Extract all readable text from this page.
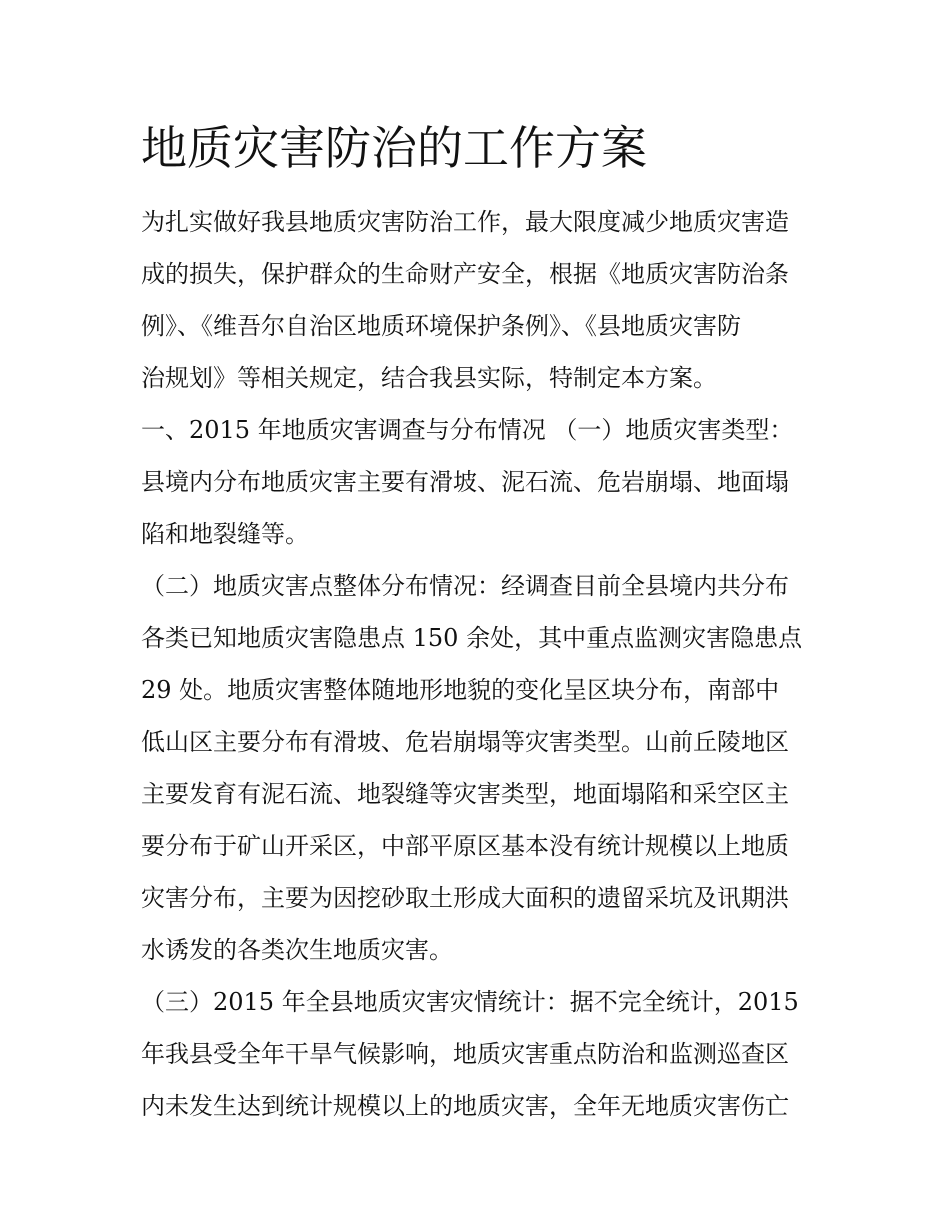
地质灾害防治的工作方案
为扎实做好我县地质灾害防治工作，最大限度减少地质灾害造
成的损失，保护群众的生命财产安全，根据《地质灾害防治条
例》、《维吾尔自治区地质环境保护条例》、《县地质灾害防
治规划》等相关规定，结合我县实际，特制定本方案。
一、2015 年地质灾害调查与分布情况 （一）地质灾害类型：
县境内分布地质灾害主要有滑坡、泥石流、危岩崩塌、地面塌
陷和地裂缝等。
（二）地质灾害点整体分布情况：经调查目前全县境内共分布
各类已知地质灾害隐患点 150 余处，其中重点监测灾害隐患点
29 处。地质灾害整体随地形地貌的变化呈区块分布，南部中
低山区主要分布有滑坡、危岩崩塌等灾害类型。山前丘陵地区
主要发育有泥石流、地裂缝等灾害类型，地面塌陷和采空区主
要分布于矿山开采区，中部平原区基本没有统计规模以上地质
灾害分布，主要为因挖砂取土形成大面积的遗留采坑及讯期洪
水诱发的各类次生地质灾害。
（三）2015 年全县地质灾害灾情统计：据不完全统计，2015
年我县受全年干旱气候影响，地质灾害重点防治和监测巡查区
内未发生达到统计规模以上的地质灾害，全年无地质灾害伤亡
